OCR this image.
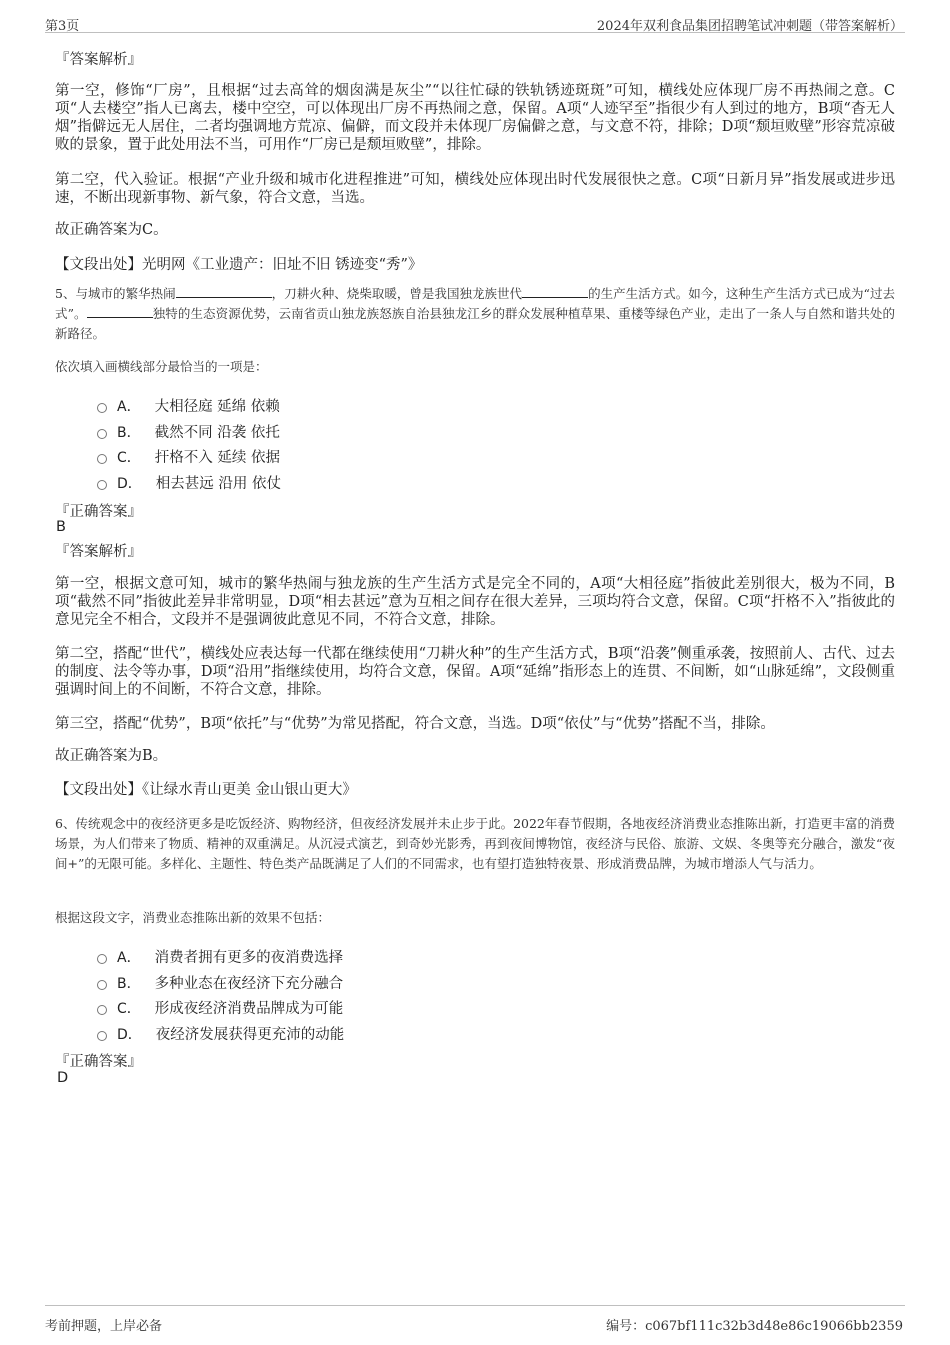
第3页	2024年双利食品集团招聘笔试冲刺题（带答案解析）
『答案解析』
第一空，修饰“厂房”，且根据“过去高耸的烟囱满是灰尘”“以往忙碌的铁轨锈迹斑斑”可知，横线处应体现厂房不再热闹之意。C项“人去楼空”指人已离去，楼中空空，可以体现出厂房不再热闹之意，保留。A项“人迹罕至”指很少有人到过的地方，B项“杳无人烟”指僻远无人居住，二者均强调地方荒凉、偏僻，而文段并未体现厂房偏僻之意，与文意不符，排除；D项“颓垣败壁”形容荒凉破败的景象，置于此处用法不当，可用作“厂房已是颓垣败壁”，排除。
第二空，代入验证。根据“产业升级和城市化进程推进”可知，横线处应体现出时代发展很快之意。C项“日新月异”指发展或进步迅速，不断出现新事物、新气象，符合文意，当选。
故正确答案为C。
【文段出处】光明网《工业遗产：旧址不旧 锈迹变“秀”》
5、与城市的繁华热闹	，刀耕火种、烧柴取暖，曾是我国独龙族世代	的生产生活方式。如今，这种生产生活方式已成为“过去式”。	独特的生态资源优势，云南省贡山独龙族怒族自治县独龙江乡的群众发展种植草果、重楼等绿色产业，走出了一条人与自然和谐共处的新路径。
依次填入画横线部分最恰当的一项是：
A． 大相径庭 延绵 依赖
B． 截然不同 沿袭 依托
C． 扞格不入 延续 依据
D． 相去甚远 沿用 依仗
『正确答案』
B
『答案解析』
第一空，根据文意可知，城市的繁华热闹与独龙族的生产生活方式是完全不同的，A项“大相径庭”指彼此差别很大，极为不同，B项“截然不同”指彼此差异非常明显，D项“相去甚远”意为互相之间存在很大差异，三项均符合文意，保留。C项“扞格不入”指彼此的意见完全不相合，文段并不是强调彼此意见不同，不符合文意，排除。
第二空，搭配“世代”，横线处应表达每一代都在继续使用“刀耕火种”的生产生活方式，B项“沿袭”侧重承袭，按照前人、古代、过去的制度、法令等办事，D项“沿用”指继续使用，均符合文意，保留。A项“延绵”指形态上的连贯、不间断，如“山脉延绵”，文段侧重强调时间上的不间断，不符合文意，排除。
第三空，搭配“优势”，B项“依托”与“优势”为常见搭配，符合文意，当选。D项“依仗”与“优势”搭配不当，排除。
故正确答案为B。
【文段出处】《让绿水青山更美 金山银山更大》
6、传统观念中的夜经济更多是吃饭经济、购物经济，但夜经济发展并未止步于此。2022年春节假期，各地夜经济消费业态推陈出新，打造更丰富的消费场景，为人们带来了物质、精神的双重满足。从沉浸式演艺，到奇妙光影秀，再到夜间博物馆，夜经济与民俗、旅游、文娱、冬奥等充分融合，激发“夜间+”的无限可能。多样化、主题性、特色类产品既满足了人们的不同需求，也有望打造独特夜景、形成消费品牌，为城市增添人气与活力。
根据这段文字，消费业态推陈出新的效果不包括：
A． 消费者拥有更多的夜消费选择
B． 多种业态在夜经济下充分融合
C． 形成夜经济消费品牌成为可能
D． 夜经济发展获得更充沛的动能
『正确答案』
D
考前押题，上岸必备	编号：c067bf111c32b3d48e86c19066bb2359
